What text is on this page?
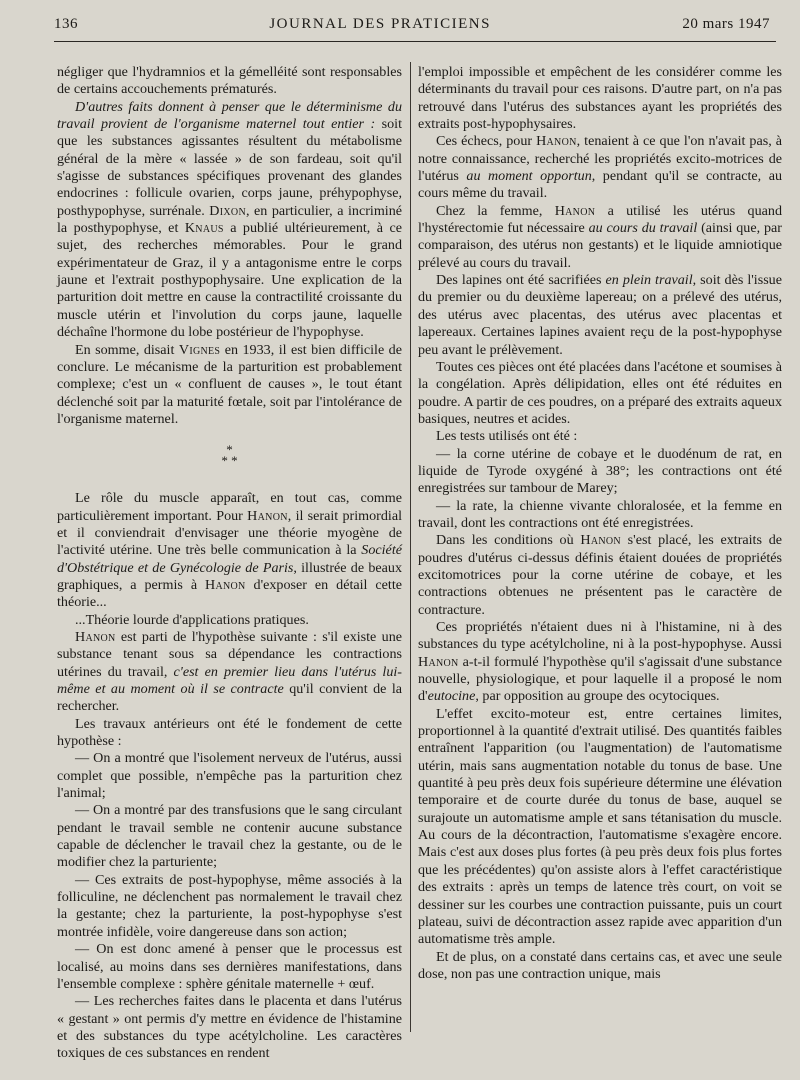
136	JOURNAL DES PRATICIENS	20 mars 1947

négliger que l'hydramnios et la gémelléité sont responsables de certains accouchements prématurés.

D'autres faits donnent à penser que le déterminisme du travail provient de l'organisme maternel tout entier : soit que les substances agissantes résultent du métabolisme général de la mère « lassée » de son fardeau, soit qu'il s'agisse de substances spécifiques provenant des glandes endocrines : follicule ovarien, corps jaune, préhypophyse, posthypophyse, surrénale. Dixon, en particulier, a incriminé la posthypophyse, et Knaus a publié ultérieurement, à ce sujet, des recherches mémorables. Pour le grand expérimentateur de Graz, il y a antagonisme entre le corps jaune et l'extrait posthypophysaire. Une explication de la parturition doit mettre en cause la contractilité croissante du muscle utérin et l'involution du corps jaune, laquelle déchaîne l'hormone du lobe postérieur de l'hypophyse.

En somme, disait Vignes en 1933, il est bien difficile de conclure. Le mécanisme de la parturition est probablement complexe; c'est un « confluent de causes », le tout étant déclenché soit par la maturité fœtale, soit par l'intolérance de l'organisme maternel.

*
* *

Le rôle du muscle apparaît, en tout cas, comme particulièrement important. Pour Hanon, il serait primordial et il conviendrait d'envisager une théorie myogène de l'activité utérine. Une très belle communication à la Société d'Obstétrique et de Gynécologie de Paris, illustrée de beaux graphiques, a permis à Hanon d'exposer en détail cette théorie...

...Théorie lourde d'applications pratiques.

Hanon est parti de l'hypothèse suivante : s'il existe une substance tenant sous sa dépendance les contractions utérines du travail, c'est en premier lieu dans l'utérus lui-même et au moment où il se contracte qu'il convient de la rechercher.

Les travaux antérieurs ont été le fondement de cette hypothèse :

— On a montré que l'isolement nerveux de l'utérus, aussi complet que possible, n'empêche pas la parturition chez l'animal;

— On a montré par des transfusions que le sang circulant pendant le travail semble ne contenir aucune substance capable de déclencher le travail chez la gestante, ou de le modifier chez la parturiente;

— Ces extraits de post-hypophyse, même associés à la folliculine, ne déclenchent pas normalement le travail chez la gestante; chez la parturiente, la post-hypophyse s'est montrée infidèle, voire dangereuse dans son action;

— On est donc amené à penser que le processus est localisé, au moins dans ses dernières manifestations, dans l'ensemble complexe : sphère génitale maternelle + œuf.

— Les recherches faites dans le placenta et dans l'utérus « gestant » ont permis d'y mettre en évidence de l'histamine et des substances du type acétylcholine. Les caractères toxiques de ces substances en rendent

l'emploi impossible et empêchent de les considérer comme les déterminants du travail pour ces raisons. D'autre part, on n'a pas retrouvé dans l'utérus des substances ayant les propriétés des extraits post-hypophysaires.

Ces échecs, pour Hanon, tenaient à ce que l'on n'avait pas, à notre connaissance, recherché les propriétés excito-motrices de l'utérus au moment opportun, pendant qu'il se contracte, au cours même du travail.

Chez la femme, Hanon a utilisé les utérus quand l'hystérectomie fut nécessaire au cours du travail (ainsi que, par comparaison, des utérus non gestants) et le liquide amniotique prélevé au cours du travail.

Des lapines ont été sacrifiées en plein travail, soit dès l'issue du premier ou du deuxième lapereau; on a prélevé des utérus, des utérus avec placentas, des utérus avec placentas et lapereaux. Certaines lapines avaient reçu de la post-hypophyse peu avant le prélèvement.

Toutes ces pièces ont été placées dans l'acétone et soumises à la congélation. Après délipidation, elles ont été réduites en poudre. A partir de ces poudres, on a préparé des extraits aqueux basiques, neutres et acides.

Les tests utilisés ont été :

— la corne utérine de cobaye et le duodénum de rat, en liquide de Tyrode oxygéné à 38°; les contractions ont été enregistrées sur tambour de Marey;

— la rate, la chienne vivante chloralosée, et la femme en travail, dont les contractions ont été enregistrées.

Dans les conditions où Hanon s'est placé, les extraits de poudres d'utérus ci-dessus définis étaient douées de propriétés excitomotrices pour la corne utérine de cobaye, et les contractions obtenues ne présentent pas le caractère de contracture.

Ces propriétés n'étaient dues ni à l'histamine, ni à des substances du type acétylcholine, ni à la post-hypophyse. Aussi Hanon a-t-il formulé l'hypothèse qu'il s'agissait d'une substance nouvelle, physiologique, et pour laquelle il a proposé le nom d'eutocine, par opposition au groupe des ocytociques.

L'effet excito-moteur est, entre certaines limites, proportionnel à la quantité d'extrait utilisé. Des quantités faibles entraînent l'apparition (ou l'augmentation) de l'automatisme utérin, mais sans augmentation notable du tonus de base. Une quantité à peu près deux fois supérieure détermine une élévation temporaire et de courte durée du tonus de base, auquel se surajoute un automatisme ample et sans tétanisation du muscle. Au cours de la décontraction, l'automatisme s'exagère encore. Mais c'est aux doses plus fortes (à peu près deux fois plus fortes que les précédentes) qu'on assiste alors à l'effet caractéristique des extraits : après un temps de latence très court, on voit se dessiner sur les courbes une contraction puissante, puis un court plateau, suivi de décontraction assez rapide avec apparition d'un automatisme très ample.

Et de plus, on a constaté dans certains cas, et avec une seule dose, non pas une contraction unique, mais
